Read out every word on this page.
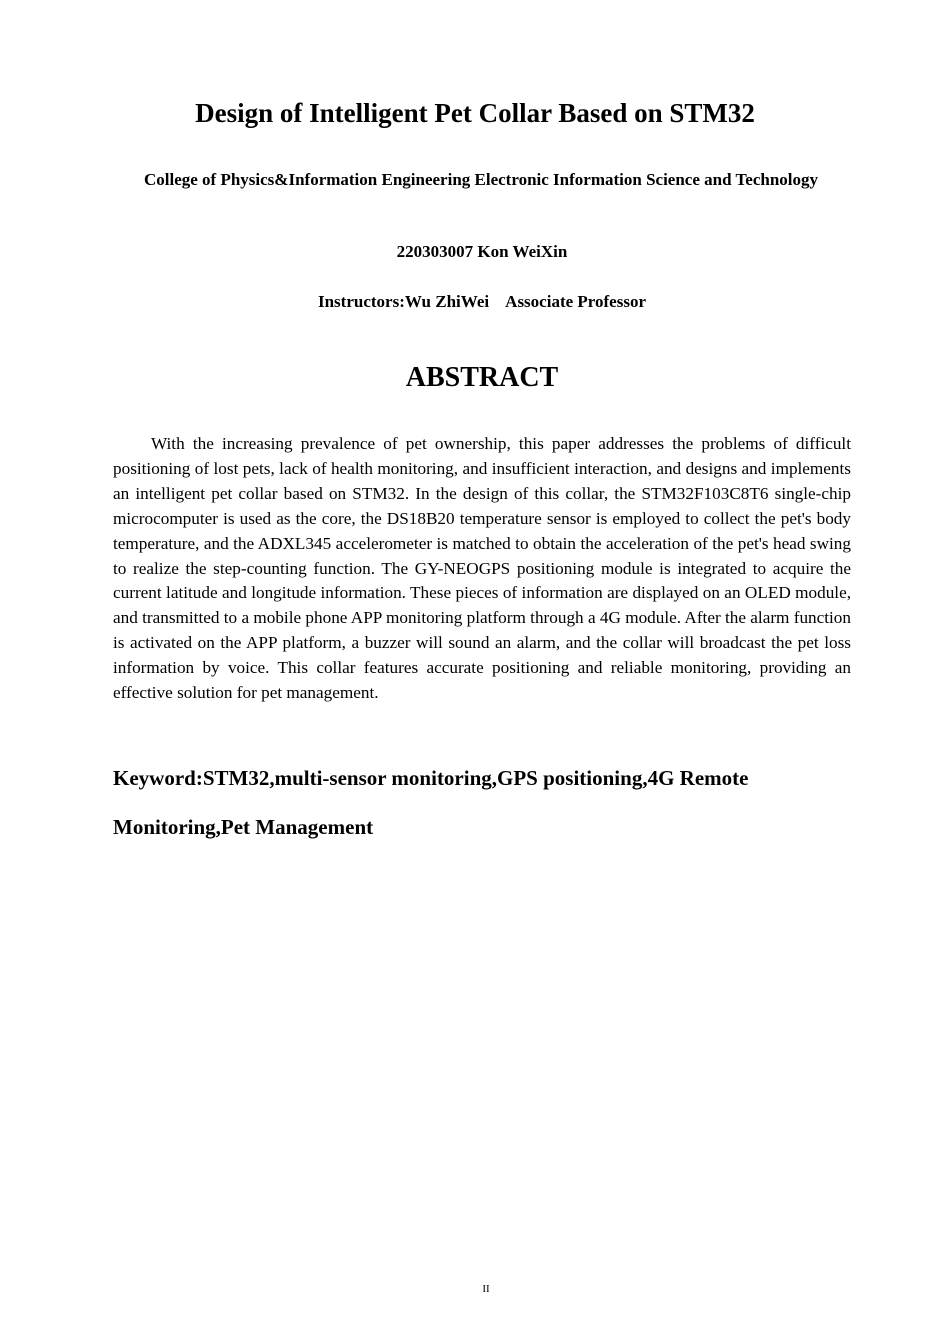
Design of Intelligent Pet Collar Based on STM32

College of Physics&Information Engineering Electronic Information Science and Technology

220303007 Kon WeiXin

Instructors:Wu ZhiWei    Associate Professor

ABSTRACT

With the increasing prevalence of pet ownership, this paper addresses the problems of difficult positioning of lost pets, lack of health monitoring, and insufficient interaction, and designs and implements an intelligent pet collar based on STM32. In the design of this collar, the STM32F103C8T6 single-chip microcomputer is used as the core, the DS18B20 temperature sensor is employed to collect the pet's body temperature, and the ADXL345 accelerometer is matched to obtain the acceleration of the pet's head swing to realize the step-counting function. The GY-NEOGPS positioning module is integrated to acquire the current latitude and longitude information. These pieces of information are displayed on an OLED module, and transmitted to a mobile phone APP monitoring platform through a 4G module. After the alarm function is activated on the APP platform, a buzzer will sound an alarm, and the collar will broadcast the pet loss information by voice. This collar features accurate positioning and reliable monitoring, providing an effective solution for pet management.

Keyword:STM32,multi-sensor monitoring,GPS positioning,4G Remote Monitoring,Pet Management

II
